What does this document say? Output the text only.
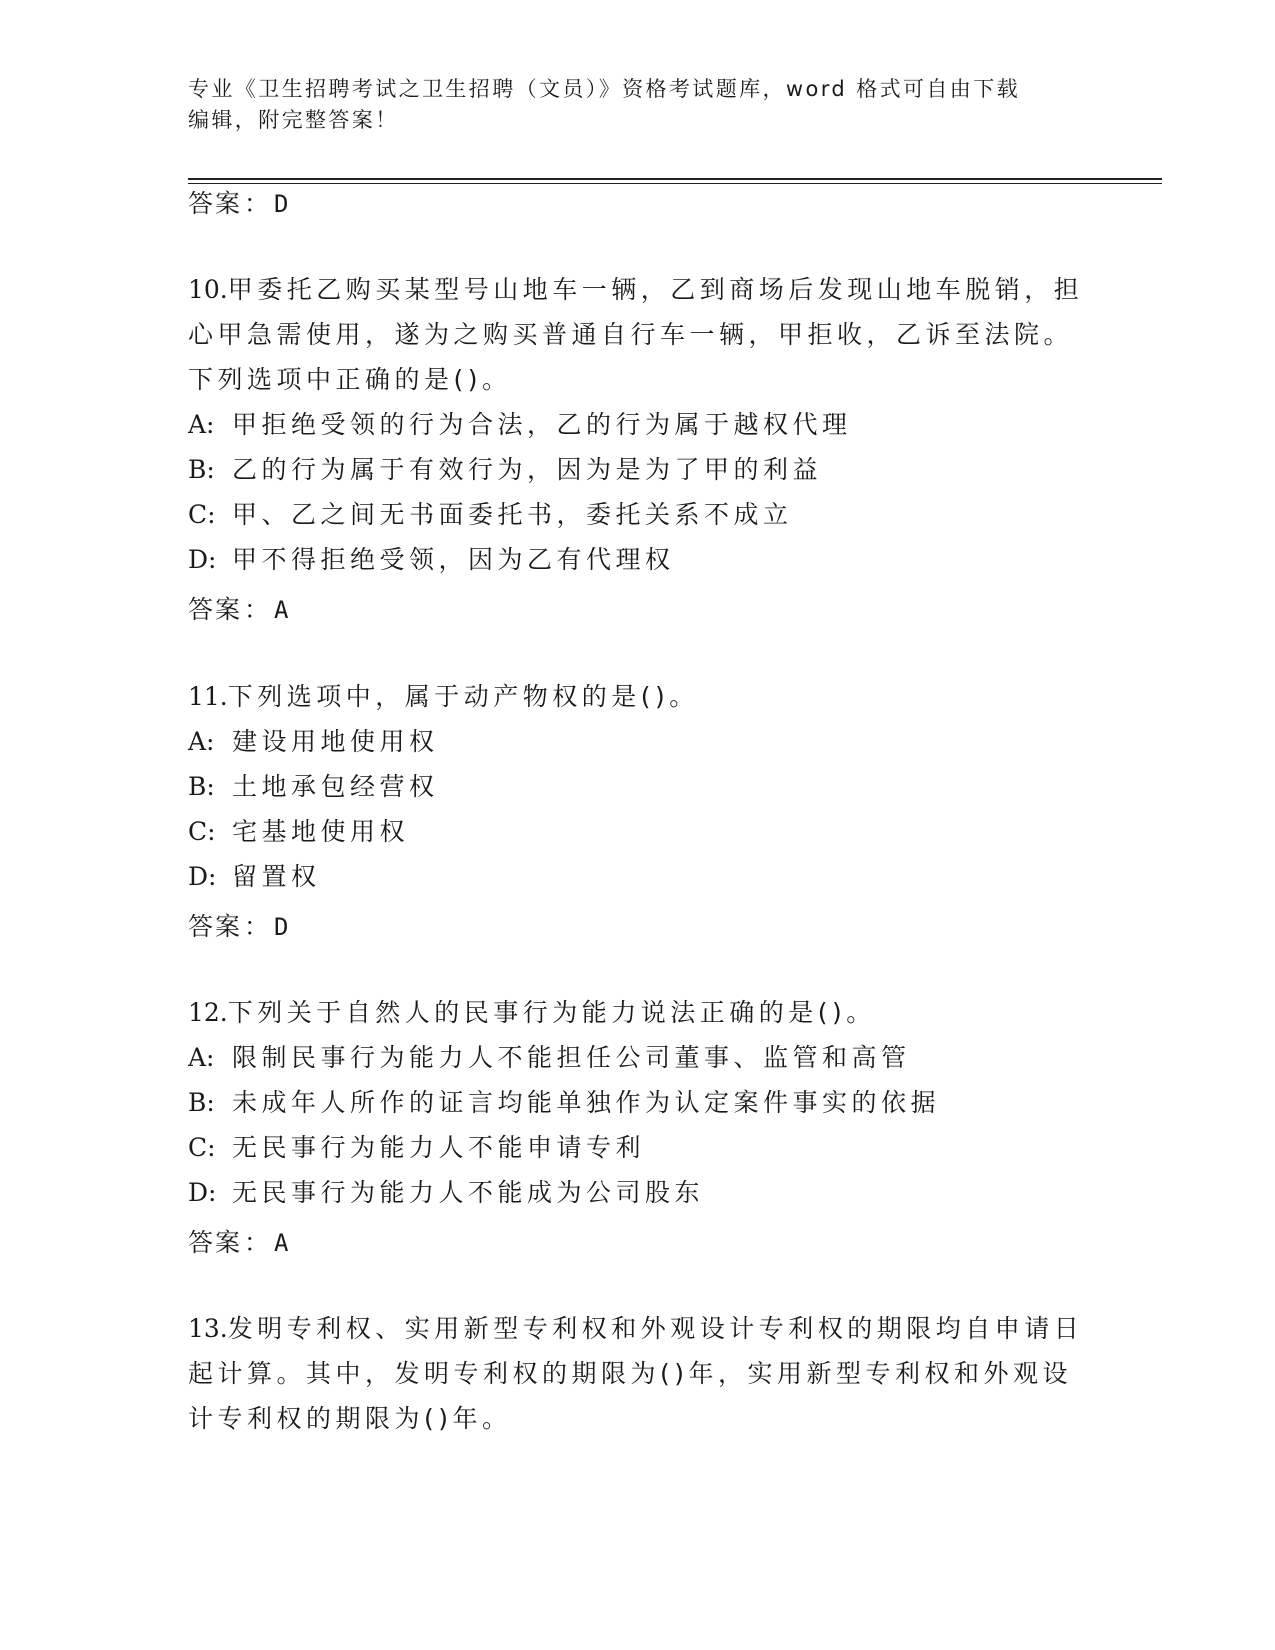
专业《卫生招聘考试之卫生招聘（文员）》资格考试题库，word 格式可自由下载
编辑，附完整答案！
答案： D
10.甲委托乙购买某型号山地车一辆，乙到商场后发现山地车脱销，担
心甲急需使用，遂为之购买普通自行车一辆，甲拒收，乙诉至法院。
下列选项中正确的是()。
A: 甲拒绝受领的行为合法，乙的行为属于越权代理
B: 乙的行为属于有效行为，因为是为了甲的利益
C: 甲、乙之间无书面委托书，委托关系不成立
D: 甲不得拒绝受领，因为乙有代理权
答案： A
11.下列选项中，属于动产物权的是()。
A: 建设用地使用权
B: 土地承包经营权
C: 宅基地使用权
D: 留置权
答案： D
12.下列关于自然人的民事行为能力说法正确的是()。
A: 限制民事行为能力人不能担任公司董事、监管和高管
B: 未成年人所作的证言均能单独作为认定案件事实的依据
C: 无民事行为能力人不能申请专利
D: 无民事行为能力人不能成为公司股东
答案： A
13.发明专利权、实用新型专利权和外观设计专利权的期限均自申请日
起计算。其中，发明专利权的期限为()年，实用新型专利权和外观设
计专利权的期限为()年。
